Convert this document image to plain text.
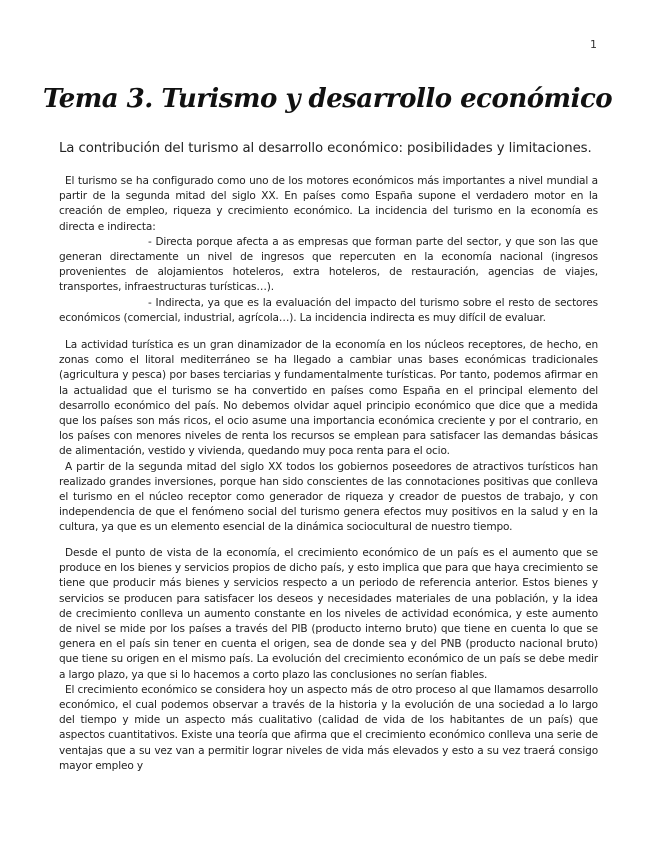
1
Tema 3. Turismo y desarrollo económico
La contribución del turismo al desarrollo económico: posibilidades y limitaciones.

El turismo se ha configurado como uno de los motores económicos más importantes a nivel mundial a partir de la segunda mitad del siglo XX. En países como España supone el verdadero motor en la creación de empleo, riqueza y crecimiento económico. La incidencia del turismo en la economía es directa e indirecta:

- Directa porque afecta a as empresas que forman parte del sector, y que son las que generan directamente un nivel de ingresos que repercuten en la economía nacional (ingresos provenientes de alojamientos hoteleros, extra hoteleros, de restauración, agencias de viajes, transportes, infraestructuras turísticas…).

- Indirecta, ya que es la evaluación del impacto del turismo sobre el resto de sectores económicos (comercial, industrial, agrícola…). La incidencia indirecta es muy difícil de evaluar.

La actividad turística es un gran dinamizador de la economía en los núcleos receptores, de hecho, en zonas como el litoral mediterráneo se ha llegado a cambiar unas bases económicas tradicionales (agricultura y pesca) por bases terciarias y fundamentalmente turísticas. Por tanto, podemos afirmar en la actualidad que el turismo se ha convertido en países como España en el principal elemento del desarrollo económico del país. No debemos olvidar aquel principio económico que dice que a medida que los países son más ricos, el ocio asume una importancia económica creciente y por el contrario, en los países con menores niveles de renta los recursos se emplean para satisfacer las demandas básicas de alimentación, vestido y vivienda, quedando muy poca renta para el ocio.

A partir de la segunda mitad del siglo XX todos los gobiernos poseedores de atractivos turísticos han realizado grandes inversiones, porque han sido conscientes de las connotaciones positivas que conlleva el turismo en el núcleo receptor como generador de riqueza y creador de puestos de trabajo, y con independencia de que el fenómeno social del turismo genera efectos muy positivos en la salud y en la cultura, ya que es un elemento esencial de la dinámica sociocultural de nuestro tiempo.

Desde el punto de vista de la economía, el crecimiento económico de un país es el aumento que se produce en los bienes y servicios propios de dicho país, y esto implica que para que haya crecimiento se tiene que producir más bienes y servicios respecto a un periodo de referencia anterior. Estos bienes y servicios se producen para satisfacer los deseos y necesidades materiales de una población, y la idea de crecimiento conlleva un aumento constante en los niveles de actividad económica, y este aumento de nivel se mide por los países a través del PIB (producto interno bruto) que tiene en cuenta lo que se genera en el país sin tener en cuenta el origen, sea de donde sea y del PNB (producto nacional bruto) que tiene su origen en el mismo país. La evolución del crecimiento económico de un país se debe medir a largo plazo, ya que si lo hacemos a corto plazo las conclusiones no serían fiables.

El crecimiento económico se considera hoy un aspecto más de otro proceso al que llamamos desarrollo económico, el cual podemos observar a través de la historia y la evolución de una sociedad a lo largo del tiempo y mide un aspecto más cualitativo (calidad de vida de los habitantes de un país) que aspectos cuantitativos. Existe una teoría que afirma que el crecimiento económico conlleva una serie de ventajas que a su vez van a permitir lograr niveles de vida más elevados y esto a su vez traerá consigo mayor empleo y
